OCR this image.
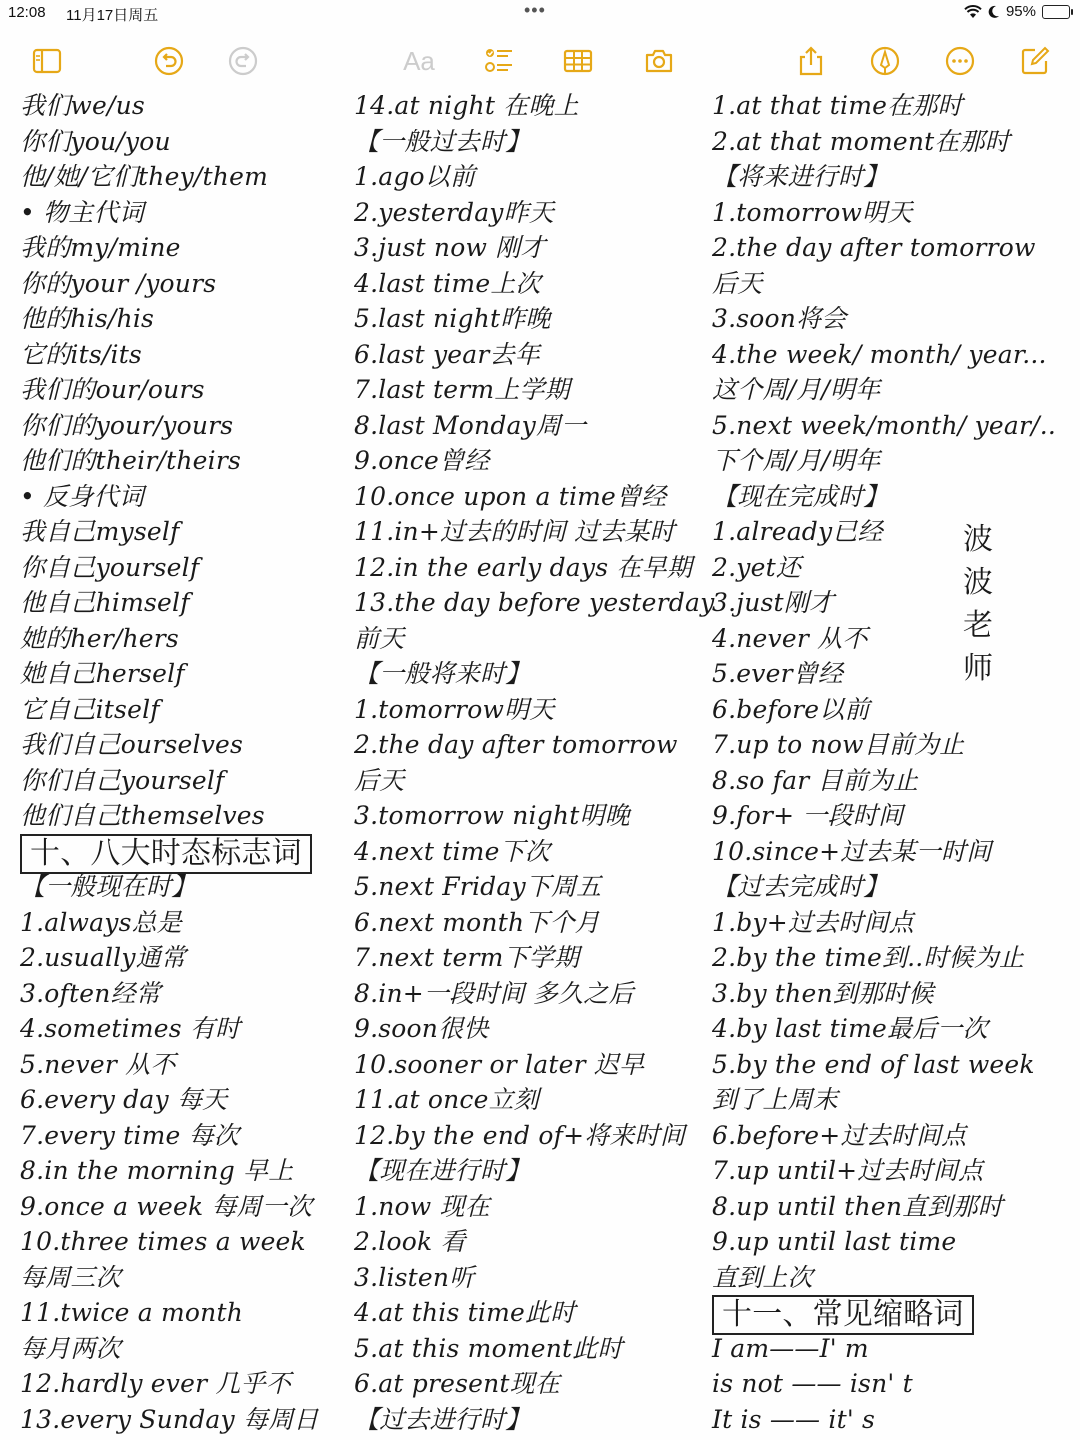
12:08 11月17日周五	•••	95%
Aa
我们we/us
你们you/you
他/她/它们they/them
• 物主代词
我的my/mine
你的your /yours
他的his/his
它的its/its
我们的our/ours
你们的your/yours
他们的their/theirs
• 反身代词
我自己myself
你自己yourself
他自己himself
她的her/hers
她自己herself
它自己itself
我们自己ourselves
你们自己yourself
他们自己themselves
十、八大时态标志词
【一般现在时】
1.always总是
2.usually通常
3.often经常
4.sometimes 有时
5.never 从不
6.every day 每天
7.every time 每次
8.in the morning 早上
9.once a week 每周一次
10.three times a week
每周三次
11.twice a month
每月两次
12.hardly ever 几乎不
13.every Sunday 每周日
14.at night 在晚上
【一般过去时】
1.ago以前
2.yesterday昨天
3.just now 刚才
4.last time上次
5.last night昨晚
6.last year去年
7.last term上学期
8.last Monday周一
9.once曾经
10.once upon a time曾经
11.in+过去的时间 过去某时
12.in the early days 在早期
13.the day before yesterday
前天
【一般将来时】
1.tomorrow明天
2.the day after tomorrow
后天
3.tomorrow night明晚
4.next time下次
5.next Friday下周五
6.next month下个月
7.next term下学期
8.in+一段时间 多久之后
9.soon很快
10.sooner or later 迟早
11.at once立刻
12.by the end of+将来时间
【现在进行时】
1.now 现在
2.look 看
3.listen听
4.at this time此时
5.at this moment此时
6.at present现在
【过去进行时】
1.at that time在那时
2.at that moment在那时
【将来进行时】
1.tomorrow明天
2.the day after tomorrow
后天
3.soon将会
4.the week/ month/ year...
这个周/月/明年
5.next week/month/ year/..
下个周/月/明年
【现在完成时】
1.already已经
2.yet还
3.just刚才
4.never 从不
5.ever曾经
6.before以前
7.up to now目前为止
8.so far 目前为止
9.for+ 一段时间
10.since+过去某一时间
【过去完成时】
1.by+过去时间点
2.by the time到..时候为止
3.by then到那时候
4.by last time最后一次
5.by the end of last week
到了上周末
6.before+过去时间点
7.up until+过去时间点
8.up until then直到那时
9.up until last time
直到上次
十一、常见缩略词
I am——I' m
is not —— isn' t
It is —— it' s
波
波
老
师
